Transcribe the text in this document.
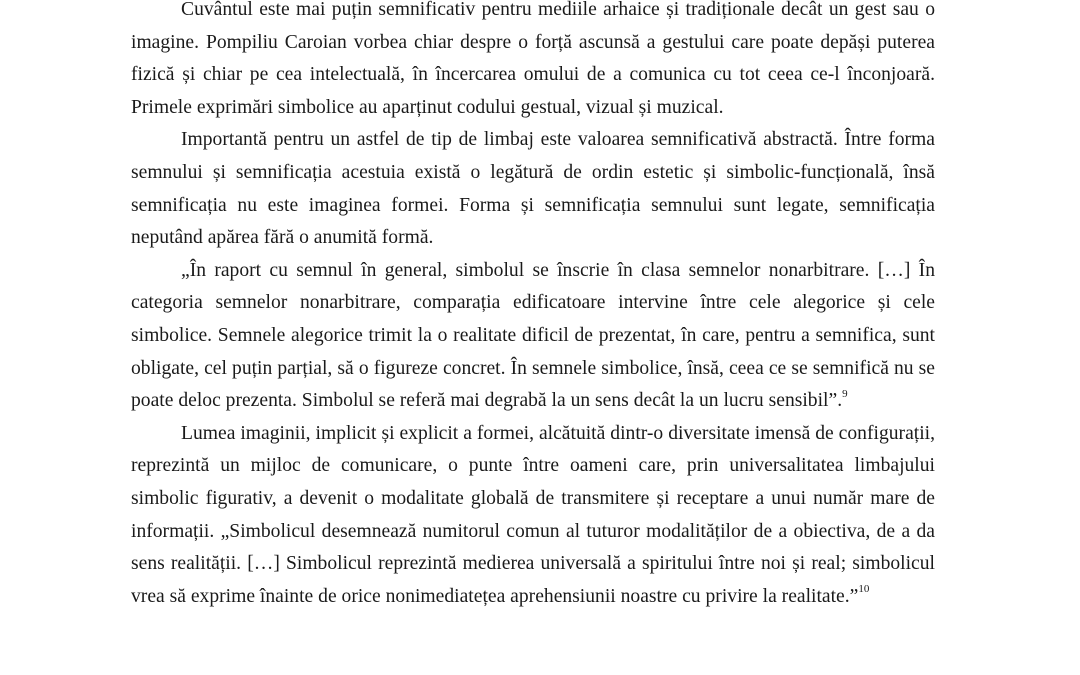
Cuvântul este mai puțin semnificativ pentru mediile arhaice și tradiționale decât un gest sau o imagine. Pompiliu Caroian vorbea chiar despre o forță ascunsă a gestului care poate depăși puterea fizică și chiar pe cea intelectuală, în încercarea omului de a comunica cu tot ceea ce-l înconjoară. Primele exprimări simbolice au aparținut codului gestual, vizual și muzical.

Importantă pentru un astfel de tip de limbaj este valoarea semnificativă abstractă. Între forma semnului și semnificația acestuia există o legătură de ordin estetic și simbolic-funcțională, însă semnificația nu este imaginea formei. Forma și semnificația semnului sunt legate, semnificația neputând apărea fără o anumită formă.

„În raport cu semnul în general, simbolul se înscrie în clasa semnelor nonarbitrare. […] În categoria semnelor nonarbitrare, comparația edificatoare intervine între cele alegorice și cele simbolice. Semnele alegorice trimit la o realitate dificil de prezentat, în care, pentru a semnifica, sunt obligate, cel puțin parțial, să o figureze concret. În semnele simbolice, însă, ceea ce se semnifică nu se poate deloc prezenta. Simbolul se referă mai degrabă la un sens decât la un lucru sensibil”.$^9$

Lumea imaginii, implicit și explicit a formei, alcătuită dintr-o diversitate imensă de configurații, reprezintă un mijloc de comunicare, o punte între oameni care, prin universalitatea limbajului simbolic figurativ, a devenit o modalitate globală de transmitere și receptare a unui număr mare de informații. „Simbolicul desemnează numitorul comun al tuturor modalităților de a obiectiva, de a da sens realității. […] Simbolicul reprezintă medierea universală a spiritului între noi și real; simbolicul vrea să exprime înainte de orice nonimediatețea aprehensiunii noastre cu privire la realitate.”$^{10}$
